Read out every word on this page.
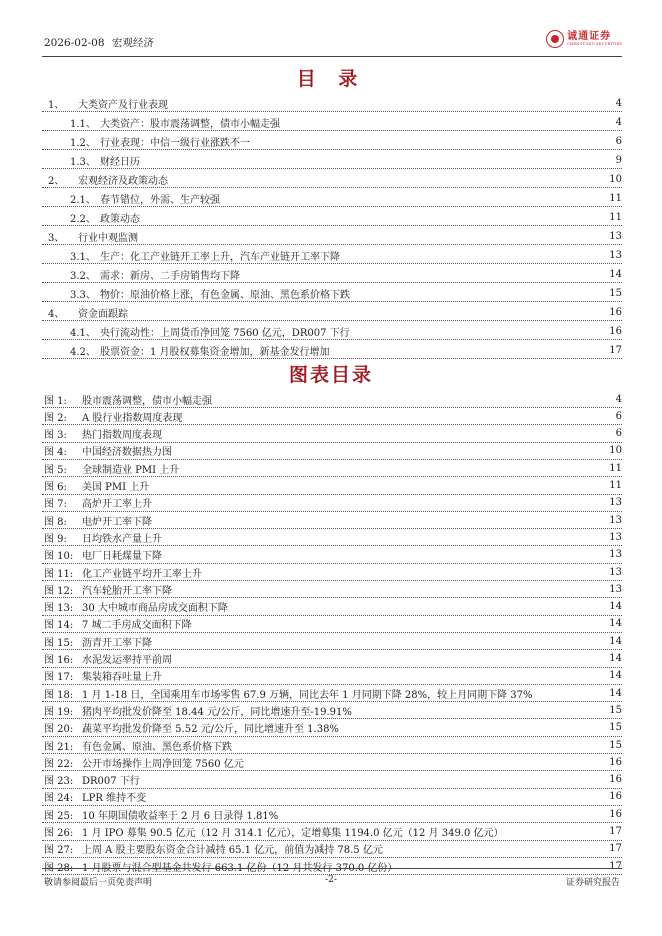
2026-02-08 宏观经济
诚通证券
CHENGTONG SECURITIES
目 录
1、	大类资产及行业表现	4
1.1、 大类资产：股市震荡调整，债市小幅走强	4
1.2、 行业表现：中信一级行业涨跌不一	6
1.3、 财经日历	9
2、	宏观经济及政策动态	10
2.1、 春节错位，外需、生产较强	11
2.2、 政策动态	11
3、	行业中观监测	13
3.1、 生产：化工产业链开工率上升，汽车产业链开工率下降	13
3.2、 需求：新房、二手房销售均下降	14
3.3、 物价：原油价格上涨，有色金属、原油、黑色系价格下跌	15
4、	资金面跟踪	16
4.1、 央行流动性：上周货币净回笼 7560 亿元，DR007 下行	16
4.2、 股票资金：1 月股权募集资金增加，新基金发行增加	17
图表目录
图 1:	股市震荡调整，债市小幅走强	4
图 2:	A 股行业指数周度表现	6
图 3:	热门指数周度表现	6
图 4:	中国经济数据热力图	10
图 5:	全球制造业 PMI 上升	11
图 6:	美国 PMI 上升	11
图 7:	高炉开工率上升	13
图 8:	电炉开工率下降	13
图 9:	日均铁水产量上升	13
图 10: 电厂日耗煤量下降	13
图 11: 化工产业链平均开工率上升	13
图 12: 汽车轮胎开工率下降	13
图 13: 30 大中城市商品房成交面积下降	14
图 14: 7 城二手房成交面积下降	14
图 15: 沥青开工率下降	14
图 16: 水泥发运率持平前周	14
图 17: 集装箱吞吐量上升	14
图 18: 1 月 1-18 日，全国乘用车市场零售 67.9 万辆，同比去年 1 月同期下降 28%，较上月同期下降 37%	14
图 19: 猪肉平均批发价降至 18.44 元/公斤，同比增速升至-19.91%	15
图 20: 蔬菜平均批发价降至 5.52 元/公斤，同比增速升至 1.38%	15
图 21: 有色金属、原油、黑色系价格下跌	15
图 22: 公开市场操作上周净回笼 7560 亿元	16
图 23: DR007 下行	16
图 24: LPR 维持不变	16
图 25: 10 年期国债收益率于 2 月 6 日录得 1.81%	16
图 26: 1 月 IPO 募集 90.5 亿元（12 月 314.1 亿元），定增募集 1194.0 亿元（12 月 349.0 亿元）	17
图 27: 上周 A 股主要股东资金合计减持 65.1 亿元，前值为减持 78.5 亿元	17
图 28: 1 月股票与混合型基金共发行 663.1 亿份（12 月共发行 370.0 亿份）	17
敬请参阅最后一页免责声明	-2-	证券研究报告
